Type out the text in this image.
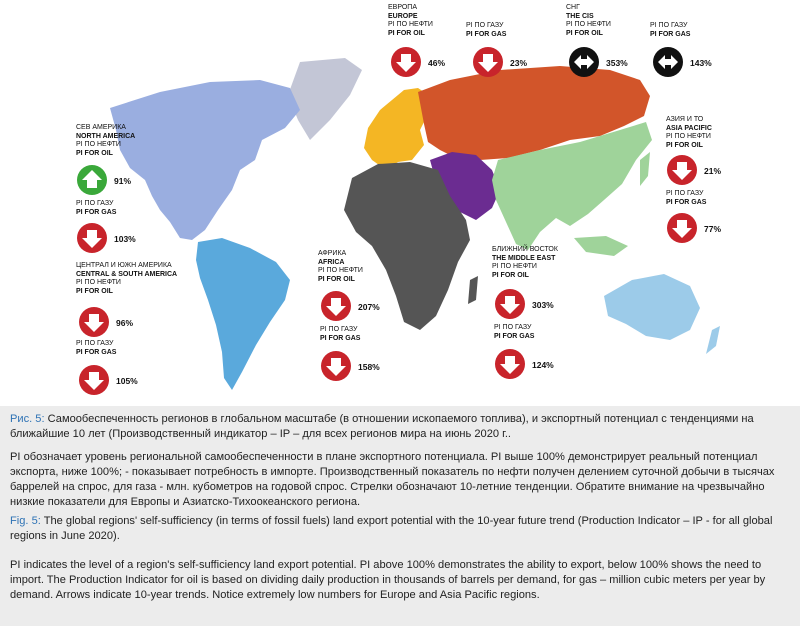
ЕВРОПА
EUROPE
PI ПО НЕФТИ
PI FOR OIL
46%
PI ПО ГАЗУ
PI FOR GAS
23%
СНГ
THE CIS
PI ПО НЕФТИ
PI FOR OIL
353%
PI ПО ГАЗУ
PI FOR GAS
143%
АЗИЯ И ТО
ASIA PACIFIC
PI ПО НЕФТИ
PI FOR OIL
21%
PI ПО ГАЗУ
PI FOR GAS
77%
СЕВ АМЕРИКА
NORTH AMERICA
PI ПО НЕФТИ
PI FOR OIL
91%
PI ПО ГАЗУ
PI FOR GAS
103%
ЦЕНТРАЛ И ЮЖН АМЕРИКА
CENTRAL & SOUTH AMERICA
PI ПО НЕФТИ
PI FOR OIL
96%
PI ПО ГАЗУ
PI FOR GAS
105%
АФРИКА
AFRICA
PI ПО НЕФТИ
PI FOR OIL
207%
PI ПО ГАЗУ
PI FOR GAS
158%
БЛИЖНИЙ ВОСТОК
THE MIDDLE EAST
PI ПО НЕФТИ
PI FOR OIL
303%
PI ПО ГАЗУ
PI FOR GAS
124%

Рис. 5: Самообеспеченность регионов в глобальном масштабе (в отношении ископаемого топлива), и экспортный потенциал с тенденциями на ближайшие 10 лет (Производственный индикатор – IP – для всех регионов мира на июнь 2020 г..

PI обозначает уровень региональной самообеспеченности в плане экспортного потенциала. PI выше 100% демонстрирует реальный потенциал экспорта, ниже 100%; - показывает потребность в импорте. Производственный показатель по нефти получен делением суточной добычи в тысячах баррелей на спрос, для газа - млн. кубометров на годовой спрос. Стрелки обозначают 10-летние тенденции. Обратите внимание на чрезвычайно низкие показатели для Европы и Азиатско-Тихоокеанского региона.

Fig. 5: The global regions' self-sufficiency (in terms of fossil fuels) land export potential with the 10-year future trend (Production Indicator – IP - for all global regions in June 2020).

PI indicates the level of a region's self-sufficiency land export potential. PI above 100% demonstrates the ability to export, below 100% shows the need to import. The Production Indicator for oil is based on dividing daily production in thousands of barrels per demand, for gas – million cubic meters per year by demand. Arrows indicate 10-year trends. Notice extremely low numbers for Europe and Asia Pacific regions.
